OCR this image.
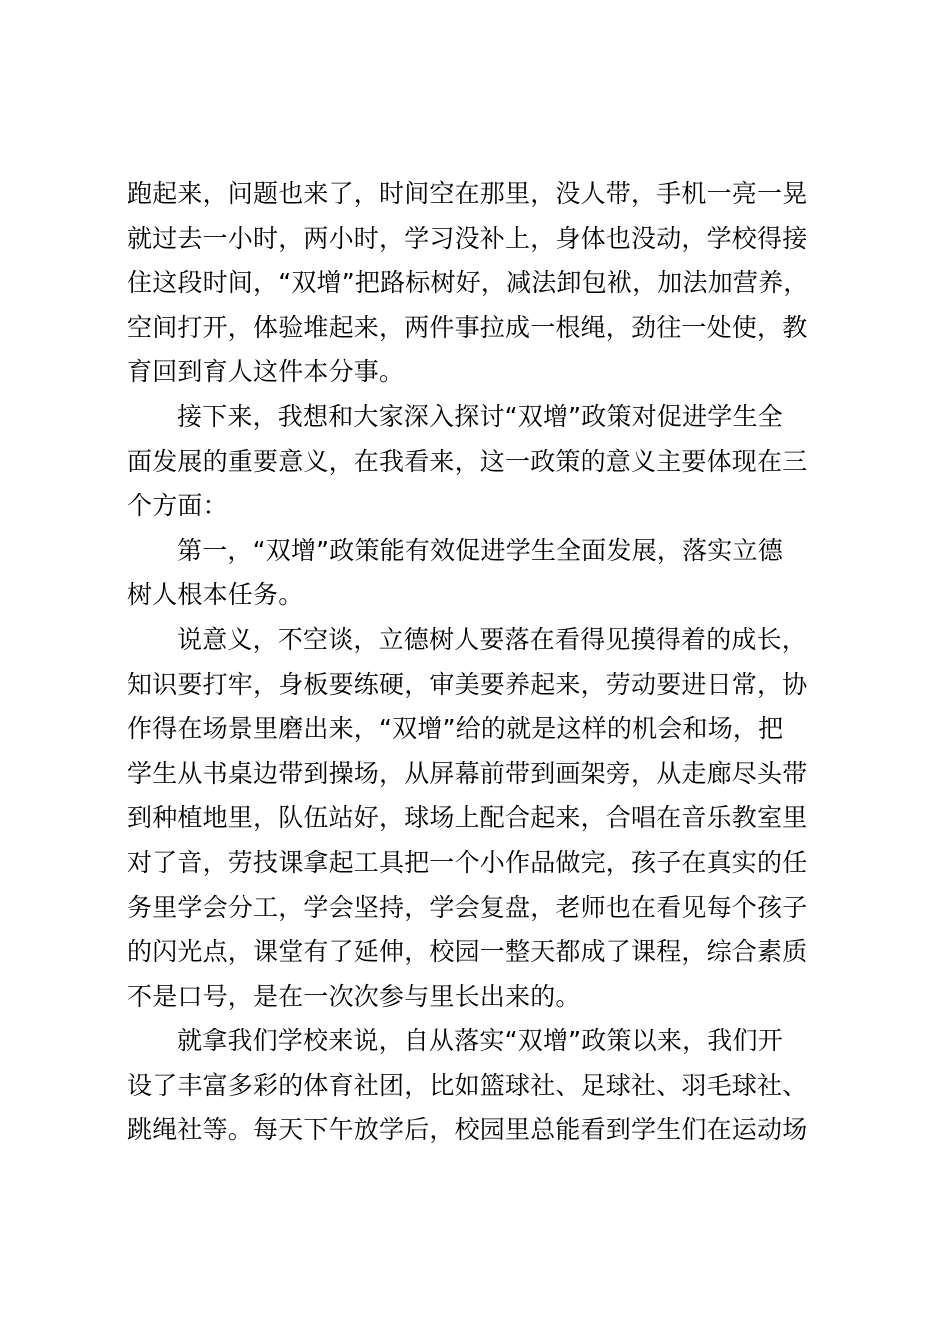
跑起来，问题也来了，时间空在那里，没人带，手机一亮一晃
就过去一小时，两小时，学习没补上，身体也没动，学校得接
住这段时间，“双增”把路标树好，减法卸包袱，加法加营养，
空间打开，体验堆起来，两件事拉成一根绳，劲往一处使，教
育回到育人这件本分事。
接下来，我想和大家深入探讨“双增”政策对促进学生全
面发展的重要意义，在我看来，这一政策的意义主要体现在三
个方面：
第一，“双增”政策能有效促进学生全面发展，落实立德
树人根本任务。
说意义，不空谈，立德树人要落在看得见摸得着的成长，
知识要打牢，身板要练硬，审美要养起来，劳动要进日常，协
作得在场景里磨出来，“双增”给的就是这样的机会和场，把
学生从书桌边带到操场，从屏幕前带到画架旁，从走廊尽头带
到种植地里，队伍站好，球场上配合起来，合唱在音乐教室里
对了音，劳技课拿起工具把一个小作品做完，孩子在真实的任
务里学会分工，学会坚持，学会复盘，老师也在看见每个孩子
的闪光点，课堂有了延伸，校园一整天都成了课程，综合素质
不是口号，是在一次次参与里长出来的。
就拿我们学校来说，自从落实“双增”政策以来，我们开
设了丰富多彩的体育社团，比如篮球社、足球社、羽毛球社、
跳绳社等。每天下午放学后，校园里总能看到学生们在运动场
